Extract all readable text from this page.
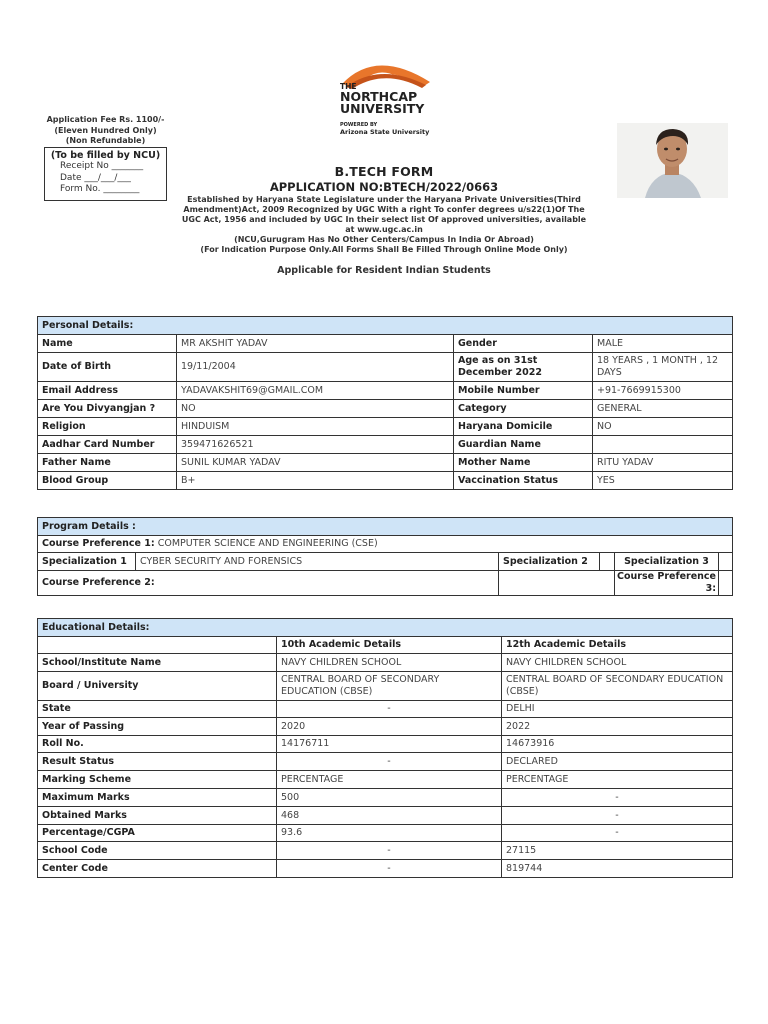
Application Fee Rs. 1100/-
(Eleven Hundred Only)
(Non Refundable)
(To be filled by NCU)
Receipt No _______
Date ___/___/___
Form No. ________
THE
NORTHCAP
UNIVERSITY
POWERED BY
Arizona State University
B.TECH FORM
APPLICATION NO:BTECH/2022/0663
Established by Haryana State Legislature under the Haryana Private Universities(Third Amendment)Act, 2009 Recognized by UGC With a right To confer degrees u/s22(1)Of The UGC Act, 1956 and included by UGC In their select list Of approved universities, available at www.ugc.ac.in
(NCU,Gurugram Has No Other Centers/Campus In India Or Abroad)
(For Indication Purpose Only.All Forms Shall Be Filled Through Online Mode Only)
Applicable for Resident Indian Students
Personal Details:			
Name	MR AKSHIT YADAV	Gender	MALE
Date of Birth	19/11/2004	Age as on 31st December 2022	18 YEARS , 1 MONTH , 12 DAYS
Email Address	YADAVAKSHIT69@GMAIL.COM	Mobile Number	+91-7669915300
Are You Divyangjan ?	NO	Category	GENERAL
Religion	HINDUISM	Haryana Domicile	NO
Aadhar Card Number	359471626521	Guardian Name	
Father Name	SUNIL KUMAR YADAV	Mother Name	RITU YADAV
Blood Group	B+	Vaccination Status	YES
Program Details :					
Course Preference 1: COMPUTER SCIENCE AND ENGINEERING (CSE)					
Specialization 1	CYBER SECURITY AND FORENSICS	Specialization 2		Specialization 3	
Course Preference 2:				Course Preference 3:	
Educational Details:		
	10th Academic Details	12th Academic Details
School/Institute Name	NAVY CHILDREN SCHOOL	NAVY CHILDREN SCHOOL
Board / University	CENTRAL BOARD OF SECONDARY EDUCATION (CBSE)	CENTRAL BOARD OF SECONDARY EDUCATION (CBSE)
State	-	DELHI
Year of Passing	2020	2022
Roll No.	14176711	14673916
Result Status	-	DECLARED
Marking Scheme	PERCENTAGE	PERCENTAGE
Maximum Marks	500	-
Obtained Marks	468	-
Percentage/CGPA	93.6	-
School Code	-	27115
Center Code	-	819744
